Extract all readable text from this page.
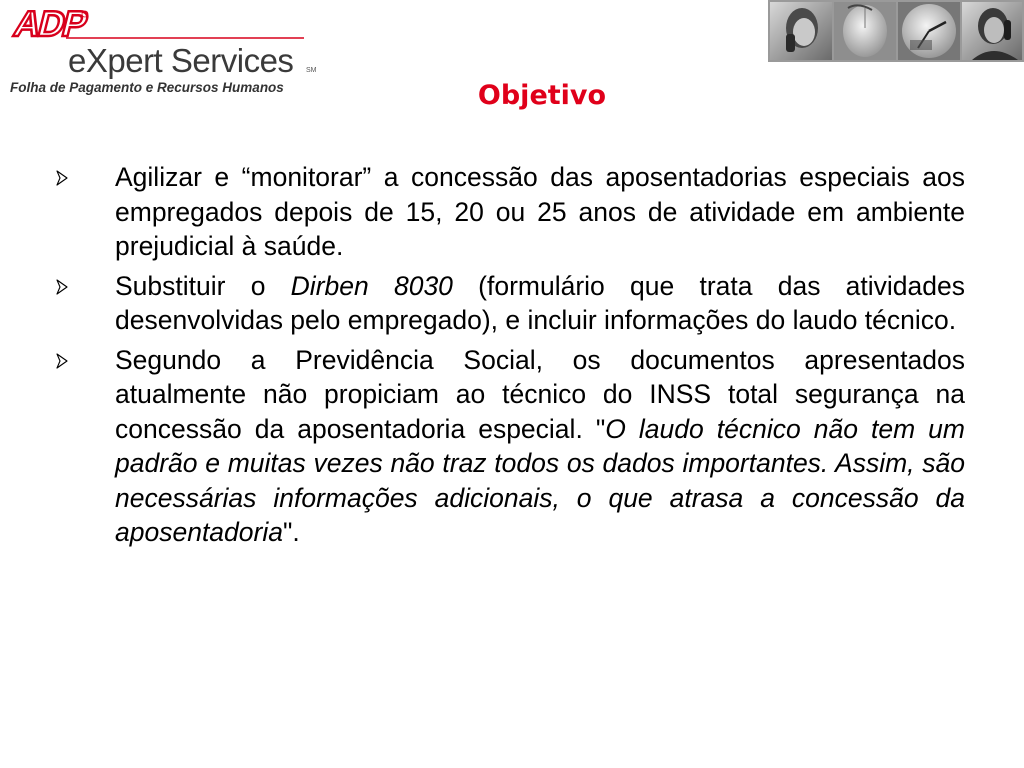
ADP
eXpert Services SM
Folha de Pagamento e Recursos Humanos	Objetivo
Agilizar e “monitorar” a concessão das aposentadorias especiais aos empregados depois de 15, 20 ou 25 anos de atividade em ambiente prejudicial à saúde.
Substituir o Dirben 8030 (formulário que trata das atividades desenvolvidas pelo empregado), e incluir informações do laudo técnico.
Segundo a Previdência Social, os documentos apresentados atualmente não propiciam ao técnico do INSS total segurança na concessão da aposentadoria especial. "O laudo técnico não tem um padrão e muitas vezes não traz todos os dados importantes. Assim, são necessárias informações adicionais, o que atrasa a concessão da aposentadoria".
